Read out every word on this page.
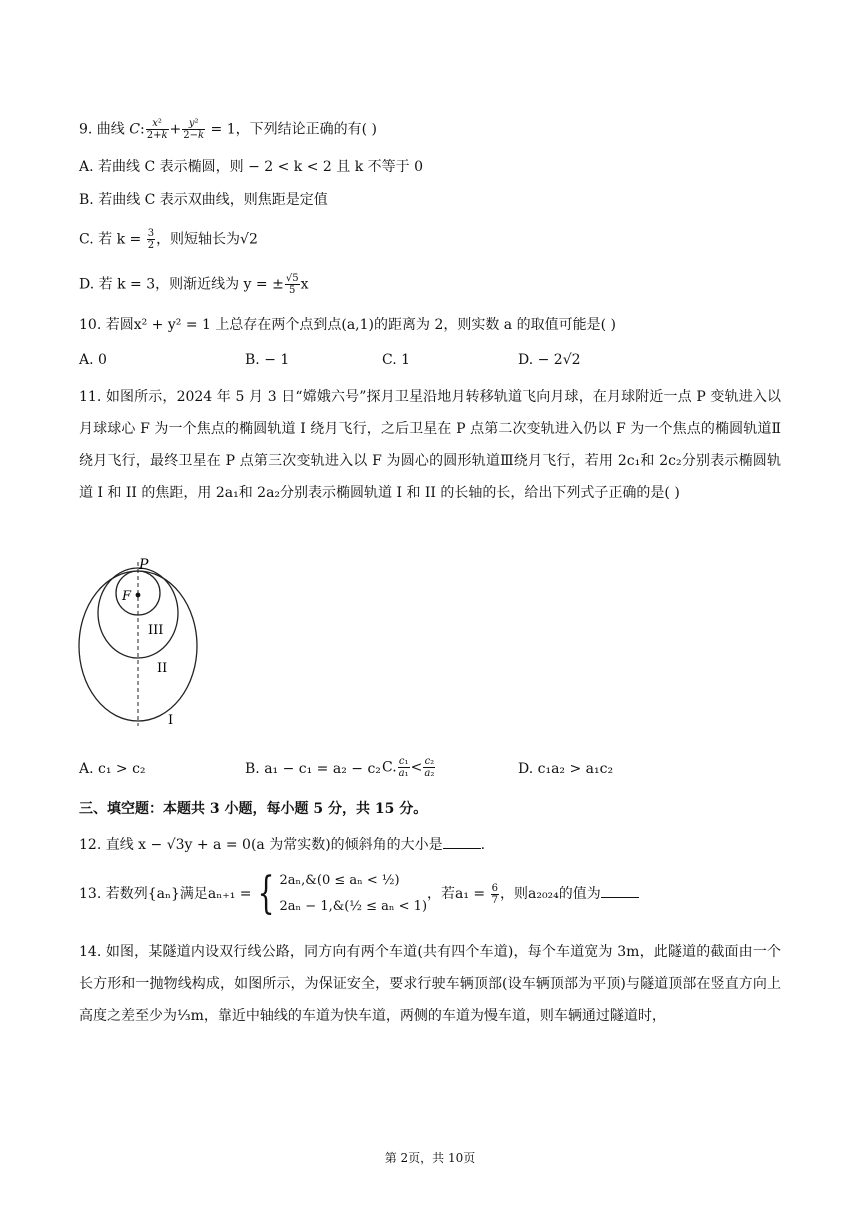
9. 曲线 C: $\frac{\text{x²}}{2+k} + \frac{\text{y²}}{2-k} = 1$，下列结论正确的有( )
A. 若曲线 C 表示椭圆，则 − 2 < k < 2 且 k 不等于 0
B. 若曲线 C 表示双曲线，则焦距是定值
C. 若 $k = \frac{3}{2}$ ，则短轴长为√2
D. 若 k = 3，则渐近线为 y = ± $\frac{√5}{5}$ x
10. 若圆x² + y² = 1 上总存在两个点到点(a,1)的距离为 2，则实数 a 的取值可能是( )
A. 0	B. − 1	C. 1	D. − 2√2
11. 如图所示，2024 年 5 月 3 日“嫦娥六号”探月卫星沿地月转移轨道飞向月球，在月球附近一点 P 变轨进入以月球球心 F 为一个焦点的椭圆轨道 I 绕月飞行，之后卫星在 P 点第二次变轨进入仍以 F 为一个焦点的椭圆轨道Ⅱ绕月飞行，最终卫星在 P 点第三次变轨进入以 F 为圆心的圆形轨道Ⅲ绕月飞行，若用 2c₁和 2c₂分别表示椭圆轨道 I 和 II 的焦距，用 2a₁和 2a₂分别表示椭圆轨道 I 和 II 的长轴的长，给出下列式子正确的是( )
P
F
III
II
I
A. c₁ > c₂	B. a₁ − c₁ = a₂ − c₂ C. $\frac{\text{c₁}}{\text{a₁}} < \frac{\text{c₂}}{\text{a₂}}$	D. c₁a₂ > a₁c₂
三、填空题：本题共 3 小题，每小题 5 分，共 15 分。
12. 直线 x − √3y + a = 0(a 为常实数)的倾斜角的大小是	.
13. 若数列{aₙ}满足aₙ₊₁ = { 2aₙ,&(0 ≤ aₙ < ½)
2aₙ − 1,&(½ ≤ aₙ < 1)
，若$a_1 = \frac{6}{7}$ ，则a₂₀₂₄的值为
14. 如图，某隧道内设双行线公路，同方向有两个车道(共有四个车道)，每个车道宽为 3m，此隧道的截面由一个长方形和一抛物线构成，如图所示，为保证安全，要求行驶车辆顶部(设车辆顶部为平顶)与隧道顶部在竖直方向上高度之差至少为⅓m，靠近中轴线的车道为快车道，两侧的车道为慢车道，则车辆通过隧道时，
第 2页，共 10页
